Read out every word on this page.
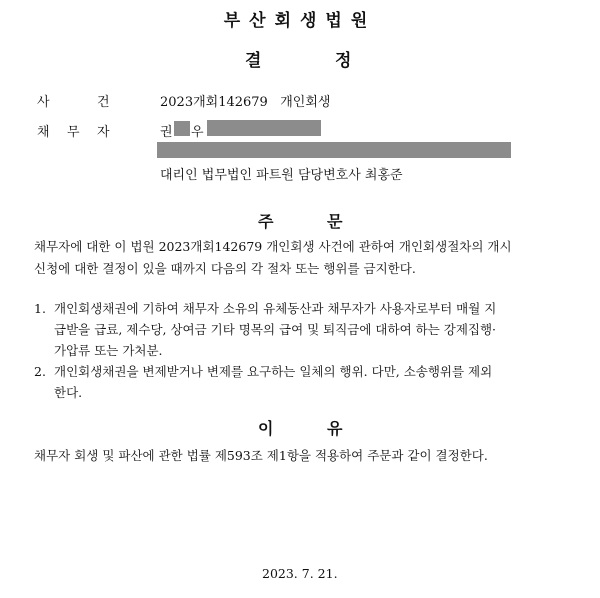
부산회생법원
결	정
사	건	2023개회142679   개인회생
채 무 자	권 우
대리인 법무법인 파트원 담당변호사 최홍준
주	문
채무자에 대한 이 법원 2023개회142679 개인회생 사건에 관하여 개인회생절차의 개시
신청에 대한 결정이 있을 때까지 다음의 각 절차 또는 행위를 금지한다.
1. 개인회생채권에 기하여 채무자 소유의 유체동산과 채무자가 사용자로부터 매월 지
급받을 급료, 제수당, 상여금 기타 명목의 급여 및 퇴직금에 대하여 하는 강제집행·
가압류 또는 가처분.
2. 개인회생채권을 변제받거나 변제를 요구하는 일체의 행위. 다만, 소송행위를 제외
한다.
이	유
채무자 회생 및 파산에 관한 법률 제593조 제1항을 적용하여 주문과 같이 결정한다.
2023. 7. 21.
